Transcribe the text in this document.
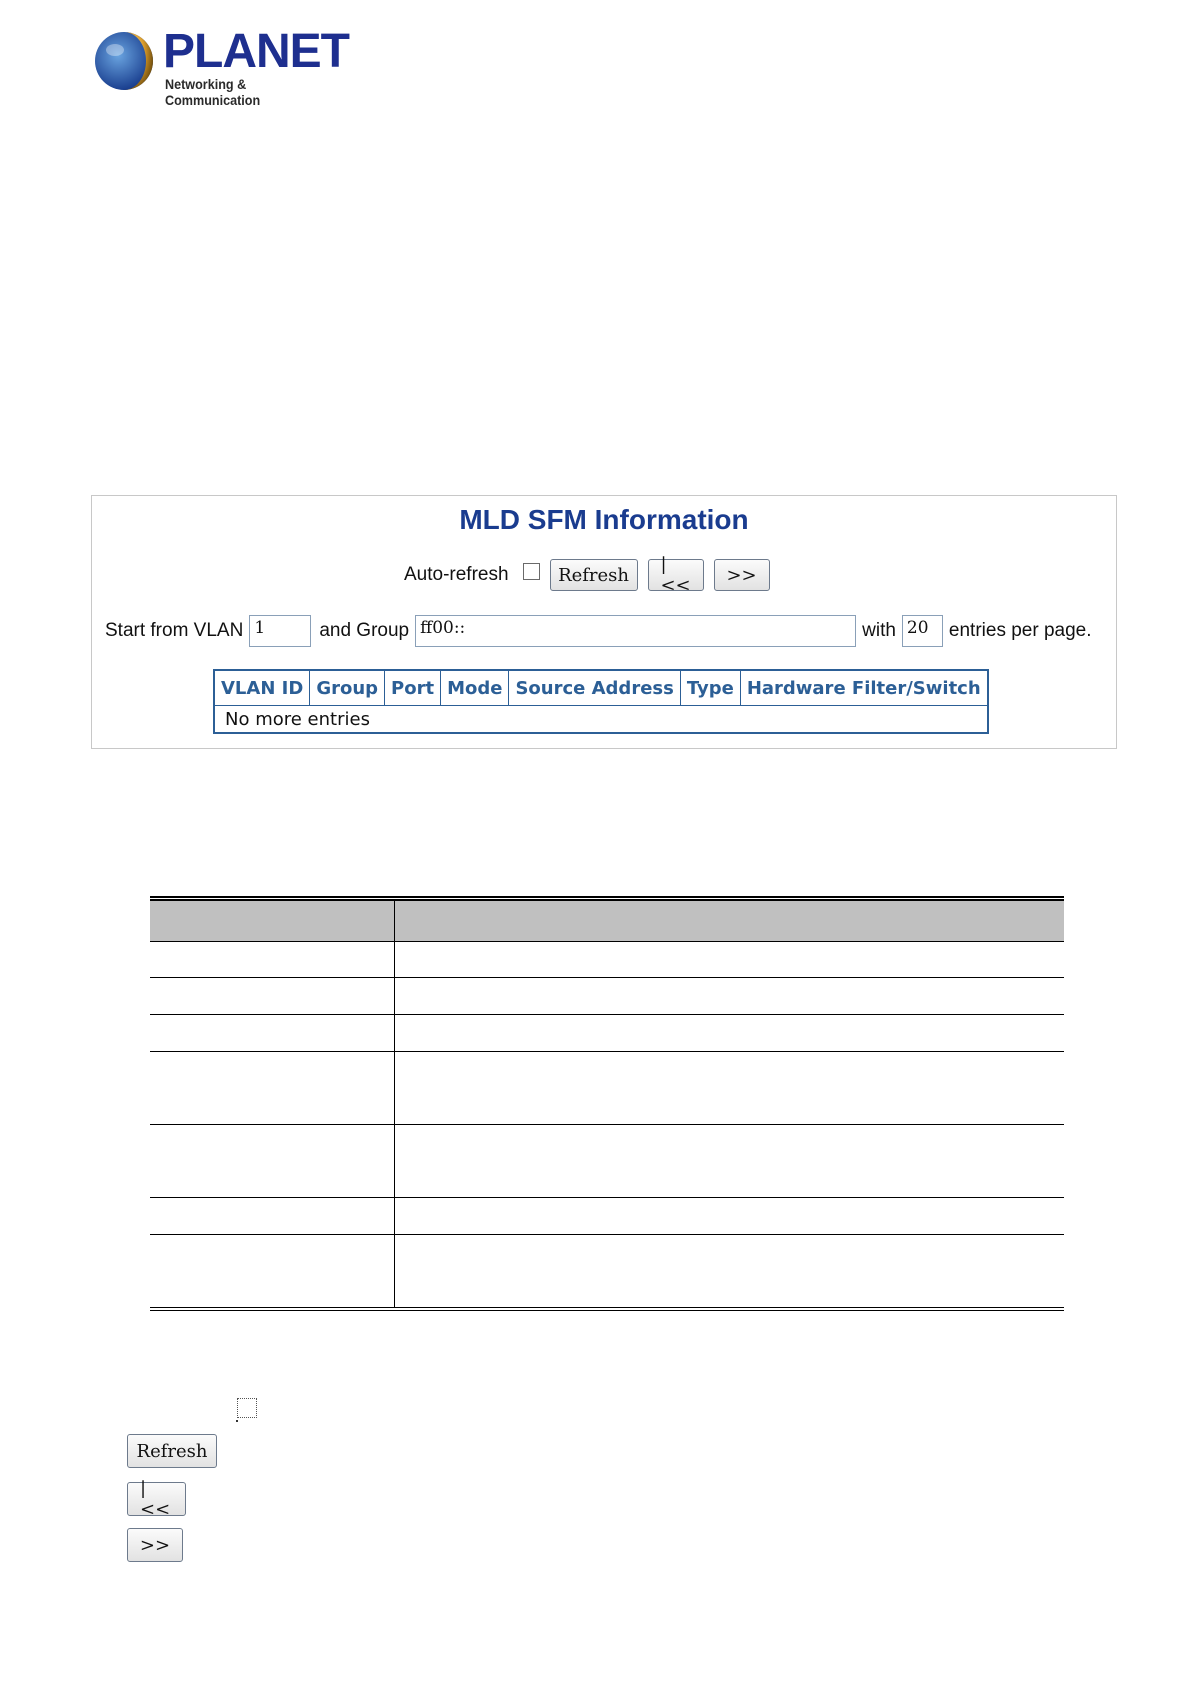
PLANET
Networking & Communication
MLD SFM Information
Auto-refresh	Refresh	|<<	>>
Start from VLAN 1	and Group ff00::	with 20	entries per page.
VLAN ID	Group	Port	Mode	Source Address	Type	Hardware Filter/Switch
No more entries

Refresh
|<<
>>
